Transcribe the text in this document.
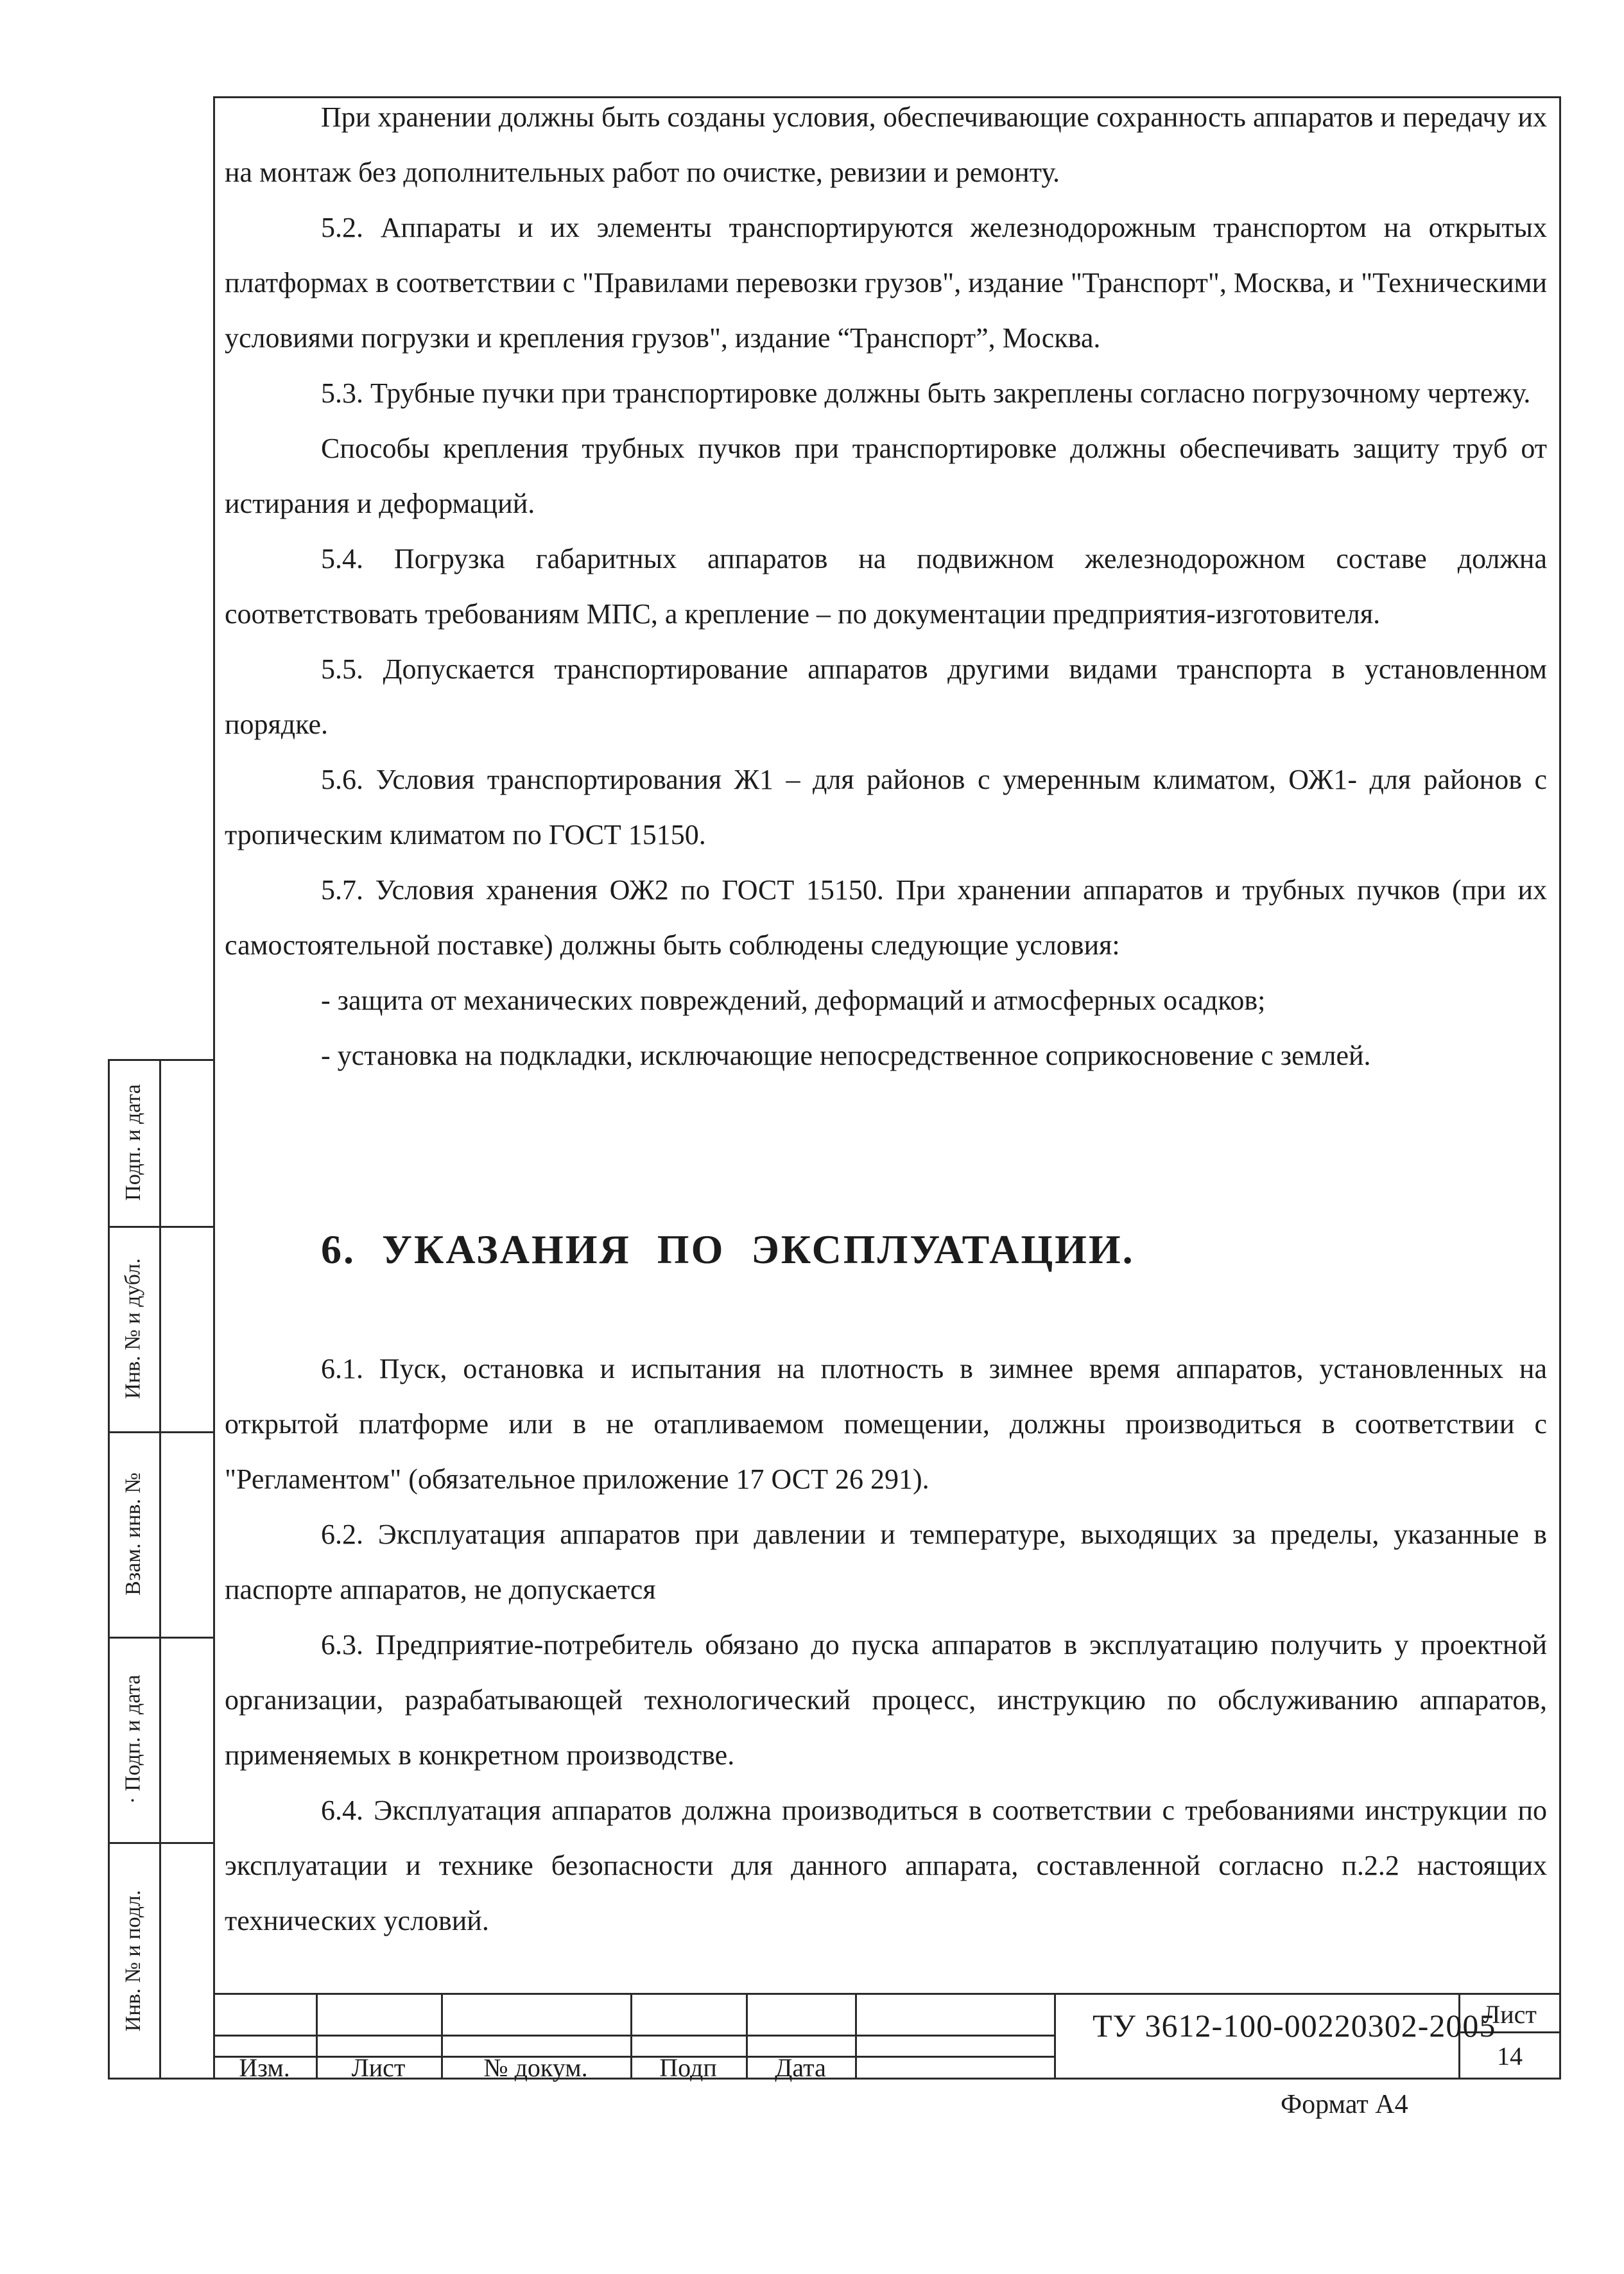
При хранении должны быть созданы условия, обеспечивающие сохранность аппаратов и передачу их на монтаж без дополнительных работ по очистке, ревизии и ремонту.

5.2. Аппараты и их элементы транспортируются железнодорожным транспортом на открытых платформах в соответствии с "Правилами перевозки грузов", издание "Транспорт", Москва, и "Техническими условиями погрузки и крепления грузов", издание “Транспорт”, Москва.

5.3. Трубные пучки при транспортировке должны быть закреплены согласно погрузочному чертежу.

Способы крепления трубных пучков при транспортировке должны обеспечивать защиту труб от истирания и деформаций.

5.4. Погрузка габаритных аппаратов на подвижном железнодорожном составе должна соответствовать требованиям МПС, а крепление – по документации предприятия-изготовителя.

5.5. Допускается транспортирование аппаратов другими видами транспорта в установленном порядке.

5.6. Условия транспортирования Ж1 – для районов с умеренным климатом, ОЖ1- для районов с тропическим климатом по ГОСТ 15150.

5.7. Условия хранения ОЖ2 по ГОСТ 15150. При хранении аппаратов и трубных пучков (при их самостоятельной поставке) должны быть соблюдены следующие условия:

- защита от механических повреждений, деформаций и атмосферных осадков;

- установка на подкладки, исключающие непосредственное соприкосновение с землей.

6. УКАЗАНИЯ ПО ЭКСПЛУАТАЦИИ.

6.1. Пуск, остановка и испытания на плотность в зимнее время аппаратов, установленных на открытой платформе или в не отапливаемом помещении, должны производиться в соответствии с "Регламентом" (обязательное приложение 17 ОСТ 26 291).

6.2. Эксплуатация аппаратов при давлении и температуре, выходящих за пределы, указанные в паспорте аппаратов, не допускается

6.3. Предприятие-потребитель обязано до пуска аппаратов в эксплуатацию получить у проектной организации, разрабатывающей технологический процесс, инструкцию по обслуживанию аппаратов, применяемых в конкретном производстве.

6.4. Эксплуатация аппаратов должна производиться в соответствии с требованиями инструкции по эксплуатации и технике безопасности для данного аппарата, составленной согласно п.2.2 настоящих технических условий.

Подп. и дата
Инв. № и дубл.
Взам. инв. №
· Подп. и дата
Инв. № и подл.
Изм.	Лист	№ докум.	Подп	Дата
ТУ 3612-100-00220302-2005
Лист
14
Формат А4
